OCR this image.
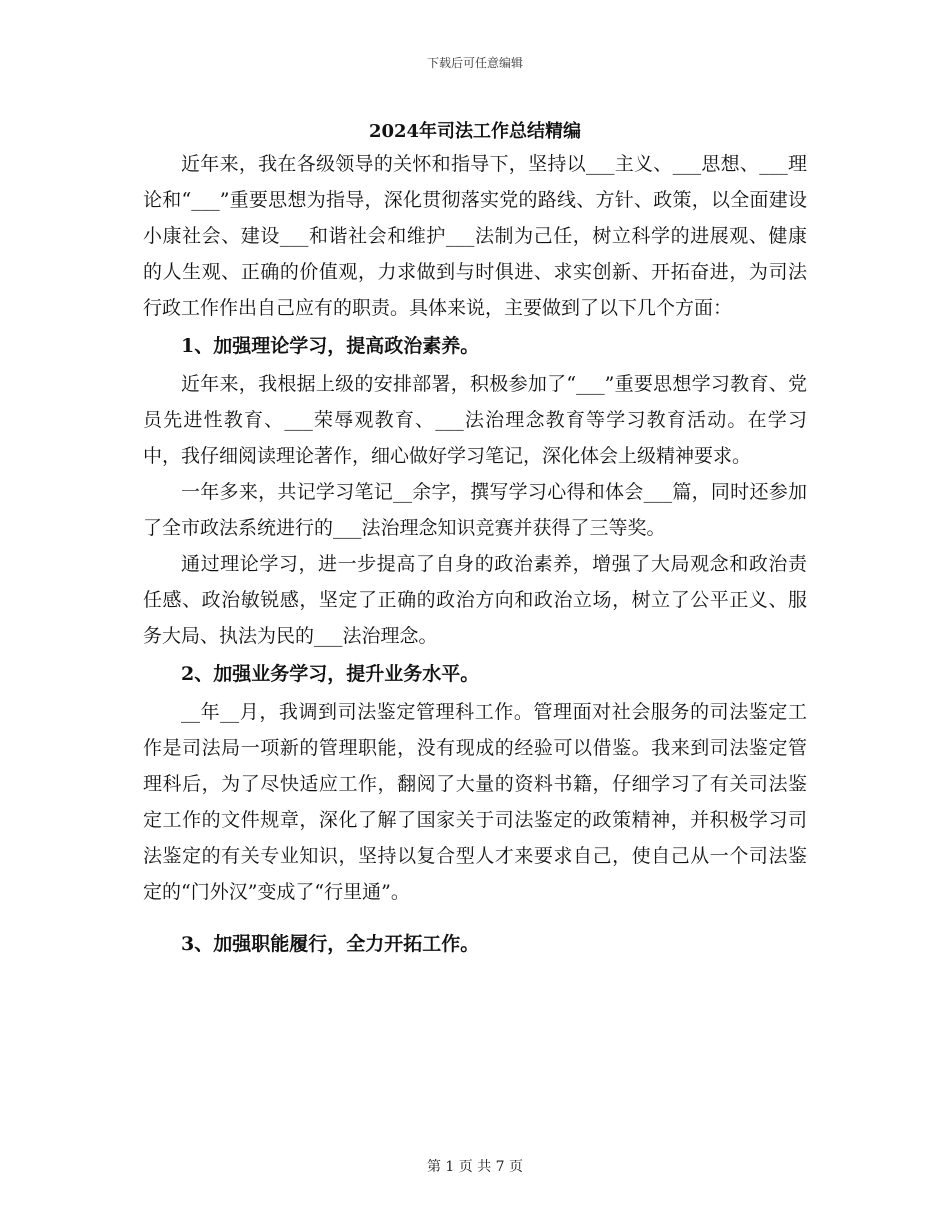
下载后可任意编辑
2024年司法工作总结精编

近年来，我在各级领导的关怀和指导下，坚持以___主义、___思想、___理论和“___”重要思想为指导，深化贯彻落实党的路线、方针、政策，以全面建设小康社会、建设___和谐社会和维护___法制为己任，树立科学的进展观、健康的人生观、正确的价值观，力求做到与时俱进、求实创新、开拓奋进，为司法行政工作作出自己应有的职责。具体来说，主要做到了以下几个方面：

1、加强理论学习，提高政治素养。

近年来，我根据上级的安排部署，积极参加了“___”重要思想学习教育、党员先进性教育、___荣辱观教育、___法治理念教育等学习教育活动。在学习中，我仔细阅读理论著作，细心做好学习笔记，深化体会上级精神要求。

一年多来，共记学习笔记__余字，撰写学习心得和体会___篇，同时还参加了全市政法系统进行的___法治理念知识竞赛并获得了三等奖。

通过理论学习，进一步提高了自身的政治素养，增强了大局观念和政治责任感、政治敏锐感，坚定了正确的政治方向和政治立场，树立了公平正义、服务大局、执法为民的___法治理念。

2、加强业务学习，提升业务水平。

__年__月，我调到司法鉴定管理科工作。管理面对社会服务的司法鉴定工作是司法局一项新的管理职能，没有现成的经验可以借鉴。我来到司法鉴定管理科后，为了尽快适应工作，翻阅了大量的资料书籍，仔细学习了有关司法鉴定工作的文件规章，深化了解了国家关于司法鉴定的政策精神，并积极学习司法鉴定的有关专业知识，坚持以复合型人才来要求自己，使自己从一个司法鉴定的“门外汉”变成了“行里通”。

3、加强职能履行，全力开拓工作。

第 1 页 共 7 页
